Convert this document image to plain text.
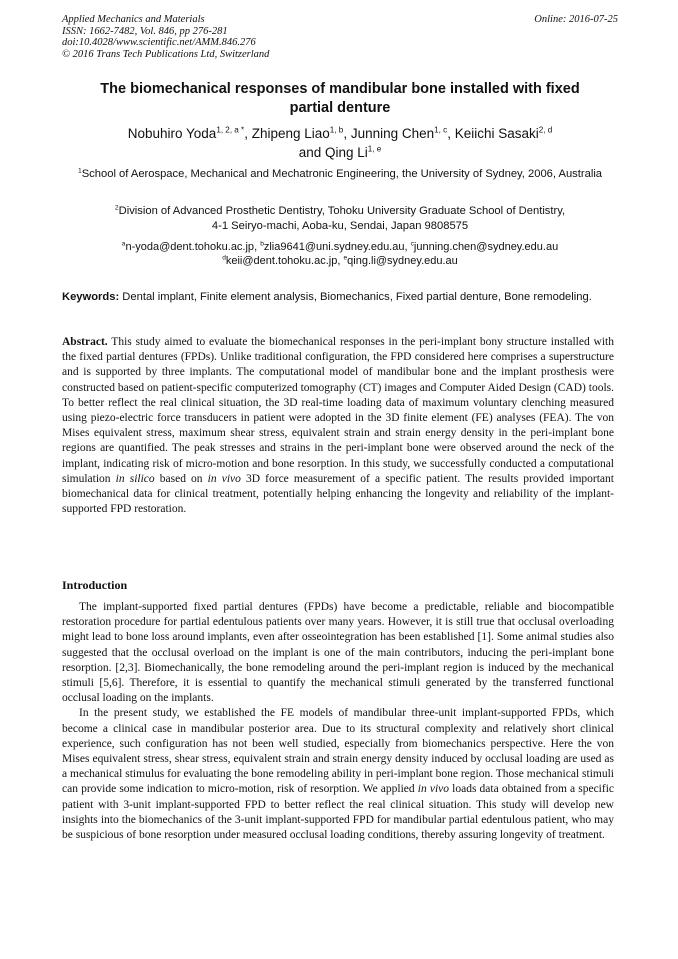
Applied Mechanics and Materials
ISSN: 1662-7482, Vol. 846, pp 276-281
doi:10.4028/www.scientific.net/AMM.846.276
© 2016 Trans Tech Publications Ltd, Switzerland
Online: 2016-07-25
The biomechanical responses of mandibular bone installed with fixed
partial denture
Nobuhiro Yoda$^{1, 2, a *}$, Zhipeng Liao$^{1, b}$, Junning Chen$^{1, c}$, Keiichi Sasaki$^{2, d}$
and Qing Li$^{1, e}$
$^1$School of Aerospace, Mechanical and Mechatronic Engineering, the University of Sydney, 2006, Australia
$^2$Division of Advanced Prosthetic Dentistry, Tohoku University Graduate School of Dentistry,
4-1 Seiryo-machi, Aoba-ku, Sendai, Japan 9808575
$^a$n-yoda@dent.tohoku.ac.jp, $^b$zlia9641@uni.sydney.edu.au, $^c$junning.chen@sydney.edu.au
$^d$keii@dent.tohoku.ac.jp, $^e$qing.li@sydney.edu.au
Keywords: Dental implant, Finite element analysis, Biomechanics, Fixed partial denture, Bone remodeling.
Abstract. This study aimed to evaluate the biomechanical responses in the peri-implant bony structure installed with the fixed partial dentures (FPDs). Unlike traditional configuration, the FPD considered here comprises a superstructure and is supported by three implants. The computational model of mandibular bone and the implant prosthesis were constructed based on patient-specific computerized tomography (CT) images and Computer Aided Design (CAD) tools. To better reflect the real clinical situation, the 3D real-time loading data of maximum voluntary clenching measured using piezo-electric force transducers in patient were adopted in the 3D finite element (FE) analyses (FEA). The von Mises equivalent stress, maximum shear stress, equivalent strain and strain energy density in the peri-implant bone regions are quantified. The peak stresses and strains in the peri-implant bone were observed around the neck of the implant, indicating risk of micro-motion and bone resorption. In this study, we successfully conducted a computational simulation in silico based on in vivo 3D force measurement of a specific patient. The results provided important biomechanical data for clinical treatment, potentially helping enhancing the longevity and reliability of the implant-supported FPD restoration.
Introduction

The implant-supported fixed partial dentures (FPDs) have become a predictable, reliable and biocompatible restoration procedure for partial edentulous patients over many years. However, it is still true that occlusal overloading might lead to bone loss around implants, even after osseointegration has been established [1]. Some animal studies also suggested that the occlusal overload on the implant is one of the main contributors, inducing the peri-implant bone resorption. [2,3]. Biomechanically, the bone remodeling around the peri-implant region is induced by the mechanical stimuli [5,6]. Therefore, it is essential to quantify the mechanical stimuli generated by the transferred functional occlusal loading on the implants.

In the present study, we established the FE models of mandibular three-unit implant-supported FPDs, which become a clinical case in mandibular posterior area. Due to its structural complexity and relatively short clinical experience, such configuration has not been well studied, especially from biomechanics perspective. Here the von Mises equivalent stress, shear stress, equivalent strain and strain energy density induced by occlusal loading are used as a mechanical stimulus for evaluating the bone remodeling ability in peri-implant bone region. Those mechanical stimuli can provide some indication to micro-motion, risk of resorption. We applied in vivo loads data obtained from a specific patient with 3-unit implant-supported FPD to better reflect the real clinical situation. This study will develop new insights into the biomechanics of the 3-unit implant-supported FPD for mandibular partial edentulous patient, who may be suspicious of bone resorption under measured occlusal loading conditions, thereby assuring longevity of treatment.
